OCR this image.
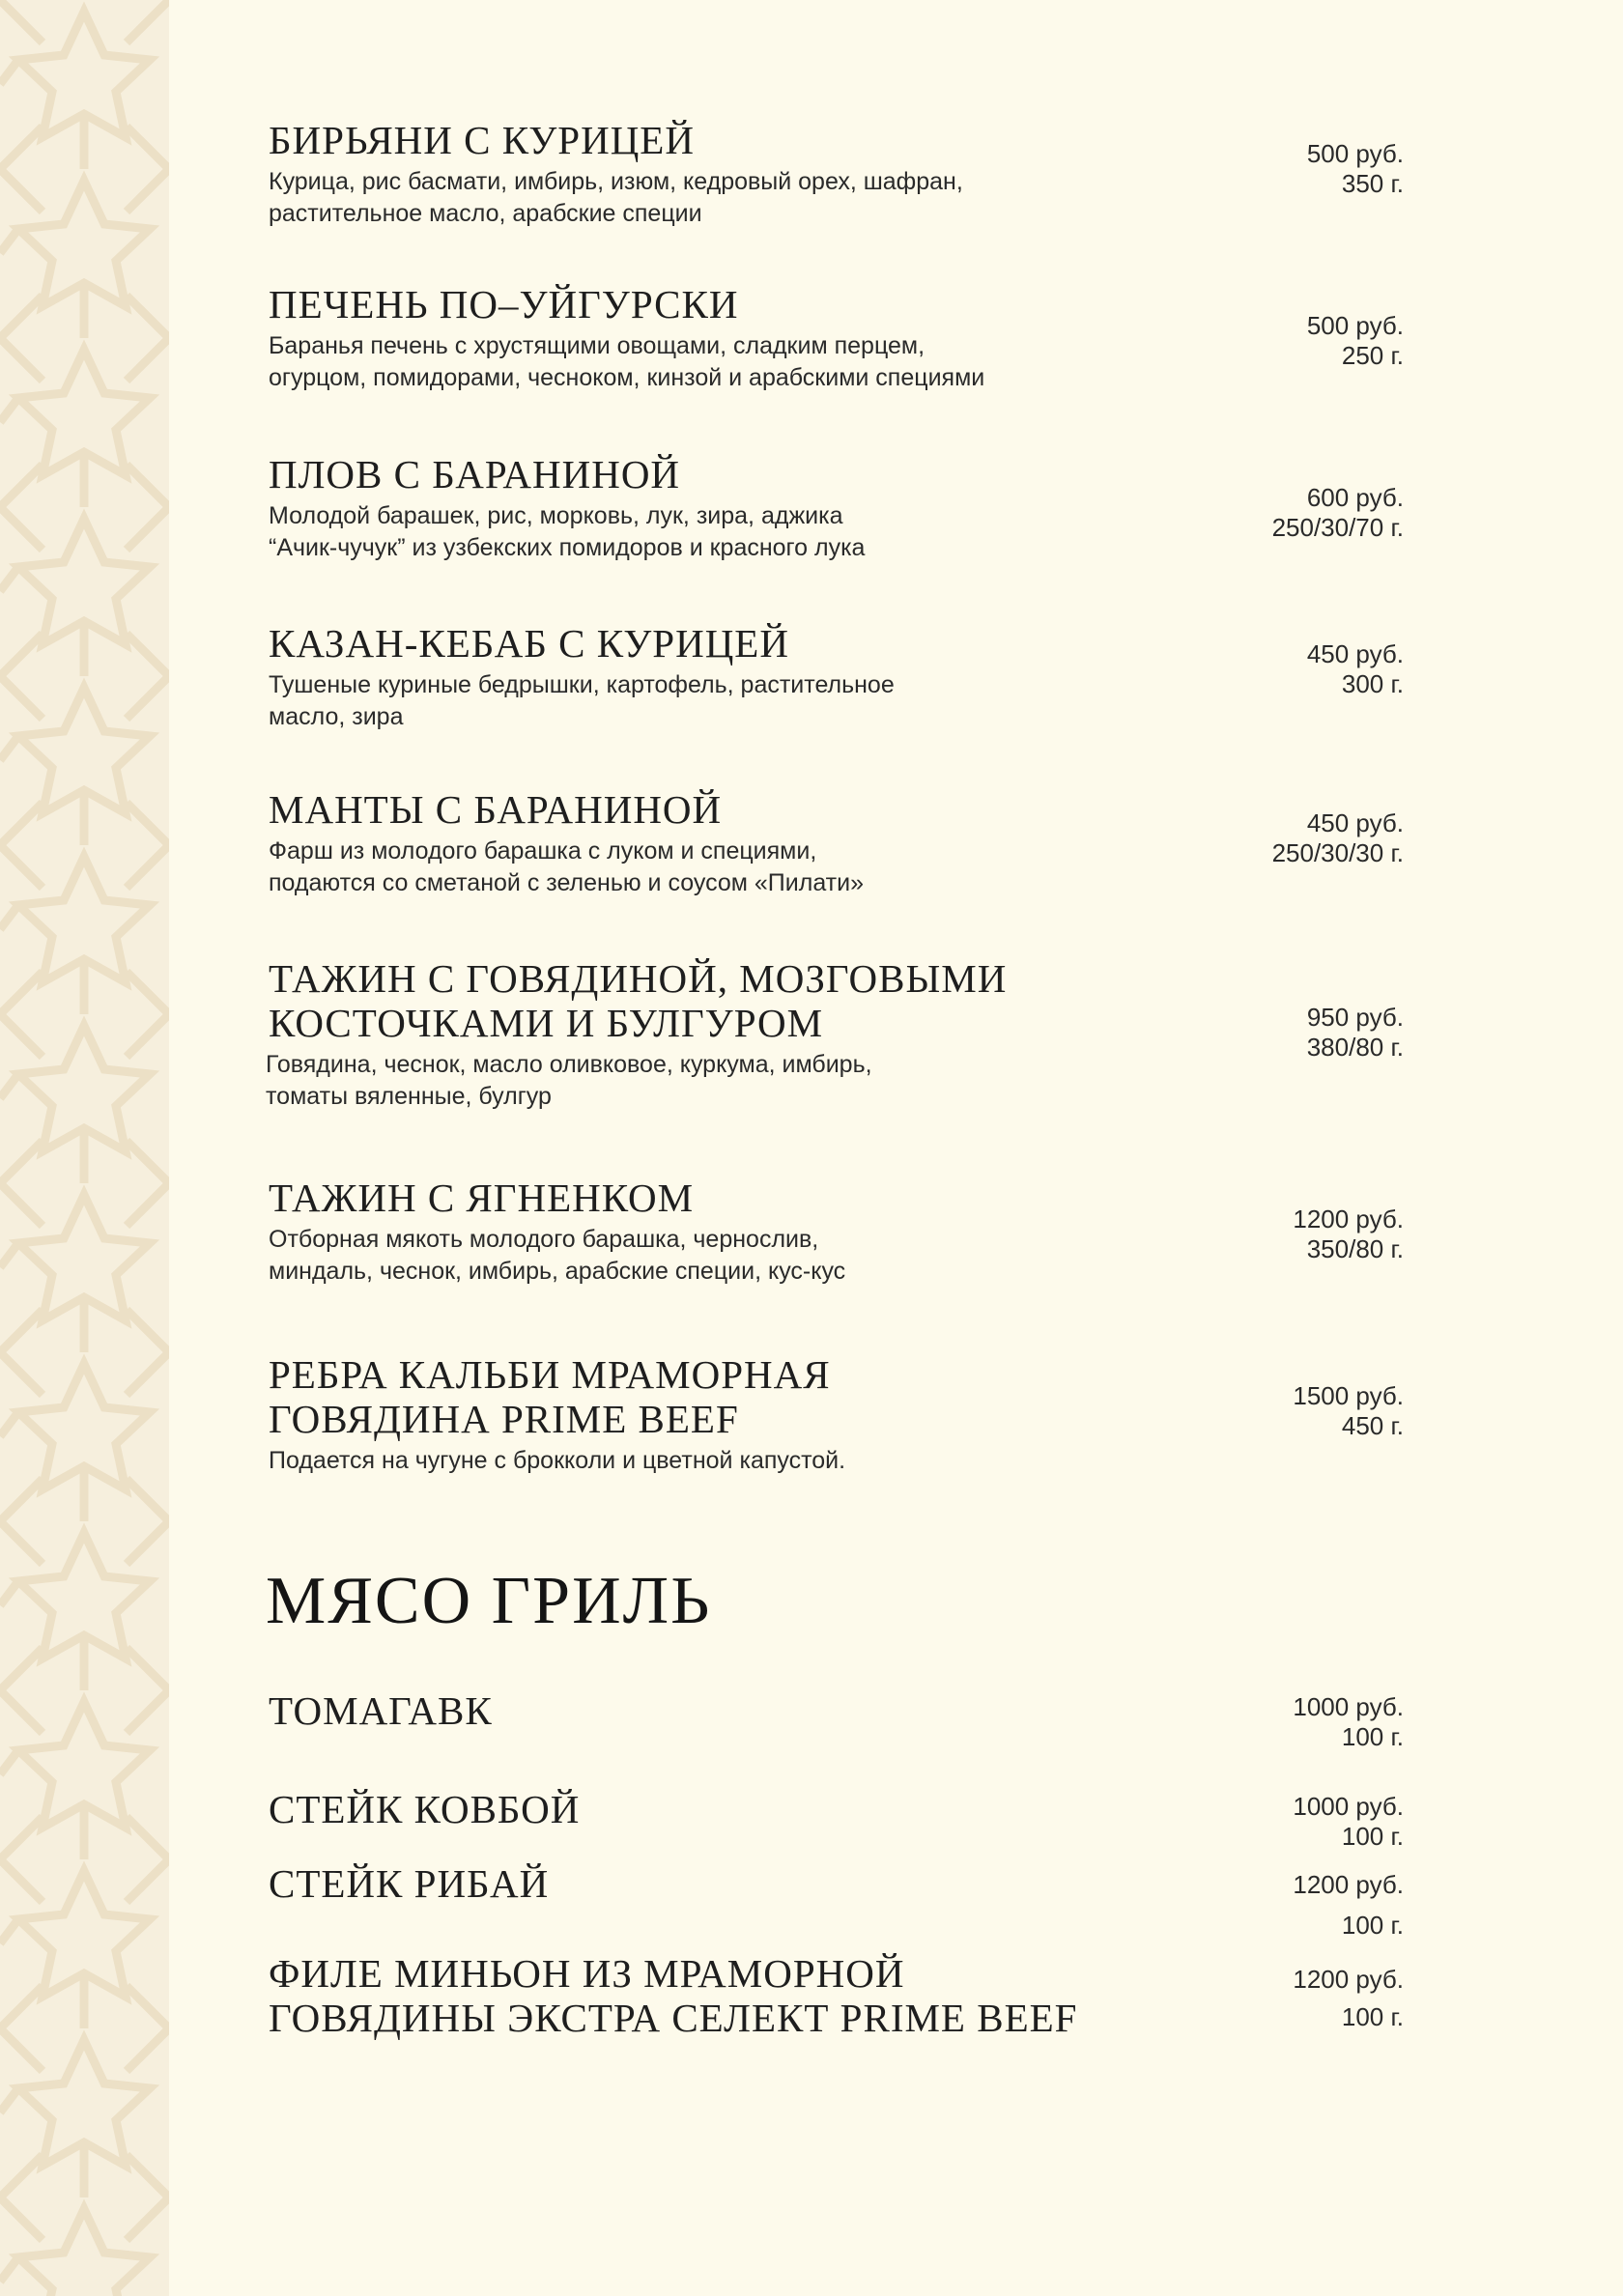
БИРЬЯНИ С КУРИЦЕЙ
Курица, рис басмати, имбирь, изюм, кедровый орех, шафран,
растительное масло, арабские специи
500 руб.
350 г.
ПЕЧЕНЬ ПО–УЙГУРСКИ
Баранья печень с хрустящими овощами, сладким перцем,
огурцом, помидорами, чесноком, кинзой и арабскими специями
500 руб.
250 г.
ПЛОВ С БАРАНИНОЙ
Молодой барашек, рис, морковь, лук, зира, аджика
“Ачик-чучук” из узбекских помидоров и красного лука
600 руб.
250/30/70 г.
КАЗАН-КЕБАБ С КУРИЦЕЙ
Тушеные куриные бедрышки, картофель, растительное
масло, зира
450 руб.
300 г.
МАНТЫ С БАРАНИНОЙ
Фарш из молодого барашка с луком и специями,
подаются со сметаной с зеленью и соусом «Пилати»
450 руб.
250/30/30 г.
ТАЖИН С ГОВЯДИНОЙ, МОЗГОВЫМИ
КОСТОЧКАМИ И БУЛГУРОМ
Говядина, чеснок, масло оливковое, куркума, имбирь,
томаты вяленные, булгур
950 руб.
380/80 г.
ТАЖИН С ЯГНЕНКОМ
Отборная мякоть молодого барашка, чернослив,
миндаль, чеснок, имбирь, арабские специи, кус-кус
1200 руб.
350/80 г.
РЕБРА КАЛЬБИ МРАМОРНАЯ
ГОВЯДИНА PRIME BEEF
Подается на чугуне с брокколи и цветной капустой.
1500 руб.
450 г.
МЯСО ГРИЛЬ
ТОМАГАВК	1000 руб.
100 г.
СТЕЙК КОВБОЙ	1000 руб.
100 г.
СТЕЙК РИБАЙ	1200 руб.
100 г.
ФИЛЕ МИНЬОН ИЗ МРАМОРНОЙ
ГОВЯДИНЫ ЭКСТРА СЕЛЕКТ PRIME BEEF
1200 руб.
100 г.
